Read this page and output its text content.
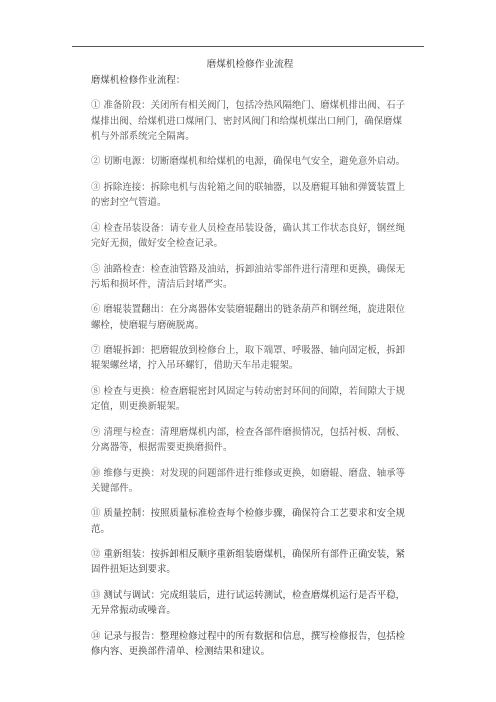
磨煤机检修作业流程

磨煤机检修作业流程：

① 准备阶段：关闭所有相关阀门，包括冷热风隔绝门、磨煤机排出阀、石子煤排出阀、给煤机进口煤闸门、密封风阀门和给煤机煤出口闸门，确保磨煤机与外部系统完全隔离。

② 切断电源：切断磨煤机和给煤机的电源，确保电气安全，避免意外启动。

③ 拆除连接：拆除电机与齿轮箱之间的联轴器，以及磨辊耳轴和弹簧装置上的密封空气管道。

④ 检查吊装设备：请专业人员检查吊装设备，确认其工作状态良好，钢丝绳完好无损，做好安全检查记录。

⑤ 油路检查：检查油管路及油站，拆卸油站零部件进行清理和更换，确保无污垢和损坏件，清洁后封堵严实。

⑥ 磨辊装置翻出：在分离器体安装磨辊翻出的链条葫芦和钢丝绳，旋进限位螺栓，使磨辊与磨碗脱离。

⑦ 磨辊拆卸：把磨辊放到检修台上，取下端罩、呼吸器、轴向固定板，拆卸辊架螺丝堵，拧入吊环螺钉，借助天车吊走辊架。

⑧ 检查与更换：检查磨辊密封风固定与转动密封环间的间隙，若间隙大于规定值，则更换新辊架。

⑨ 清理与检查：清理磨煤机内部，检查各部件磨损情况，包括衬板、刮板、分离器等，根据需要更换磨损件。

⑩ 维修与更换：对发现的问题部件进行维修或更换，如磨辊、磨盘、轴承等关键部件。

⑪ 质量控制：按照质量标准检查每个检修步骤，确保符合工艺要求和安全规范。

⑫ 重新组装：按拆卸相反顺序重新组装磨煤机，确保所有部件正确安装，紧固件扭矩达到要求。

⑬ 测试与调试：完成组装后，进行试运转测试，检查磨煤机运行是否平稳，无异常振动或噪音。

⑭ 记录与报告：整理检修过程中的所有数据和信息，撰写检修报告，包括检修内容、更换部件清单、检测结果和建议。
